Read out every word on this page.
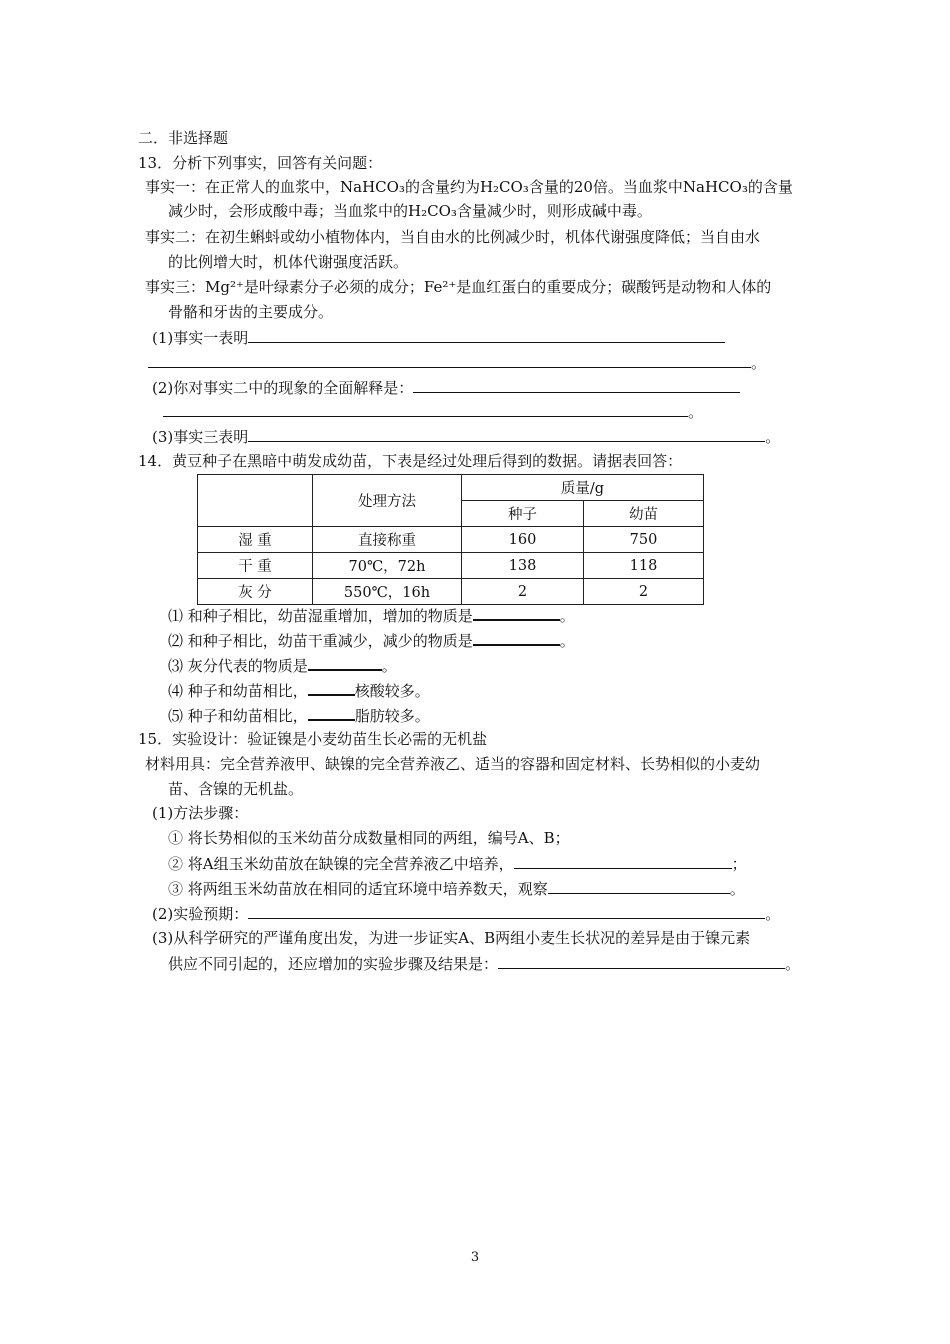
二．非选择题
13．分析下列事实，回答有关问题：
事实一：在正常人的血浆中，NaHCO₃的含量约为H₂CO₃含量的20倍。当血浆中NaHCO₃的含量
减少时，会形成酸中毒；当血浆中的H₂CO₃含量减少时，则形成碱中毒。
事实二：在初生蝌蚪或幼小植物体内，当自由水的比例减少时，机体代谢强度降低；当自由水
的比例增大时，机体代谢强度活跃。
事实三：Mg²⁺是叶绿素分子必须的成分；Fe²⁺是血红蛋白的重要成分；碳酸钙是动物和人体的
骨骼和牙齿的主要成分。
(1)事实一表明
。
(2)你对事实二中的现象的全面解释是：
。
(3)事实三表明	。
14．黄豆种子在黑暗中萌发成幼苗，下表是经过处理后得到的数据。请据表回答：
	处理方法	质量/g	
		种子	幼苗
湿 重	直接称重	160	750
干 重	70℃，72h	138	118
灰 分	550℃，16h	2	2
⑴ 和种子相比，幼苗湿重增加，增加的物质是	。
⑵ 和种子相比，幼苗干重减少，减少的物质是	。
⑶ 灰分代表的物质是	。
⑷ 种子和幼苗相比，	核酸较多。
⑸ 种子和幼苗相比，	脂肪较多。
15．实验设计：验证镍是小麦幼苗生长必需的无机盐
材料用具：完全营养液甲、缺镍的完全营养液乙、适当的容器和固定材料、长势相似的小麦幼
苗、含镍的无机盐。
(1)方法步骤：
① 将长势相似的玉米幼苗分成数量相同的两组，编号A、B；
② 将A组玉米幼苗放在缺镍的完全营养液乙中培养，	；
③ 将两组玉米幼苗放在相同的适宜环境中培养数天，观察	。
(2)实验预期：	。
(3)从科学研究的严谨角度出发，为进一步证实A、B两组小麦生长状况的差异是由于镍元素
供应不同引起的，还应增加的实验步骤及结果是：	。
3
